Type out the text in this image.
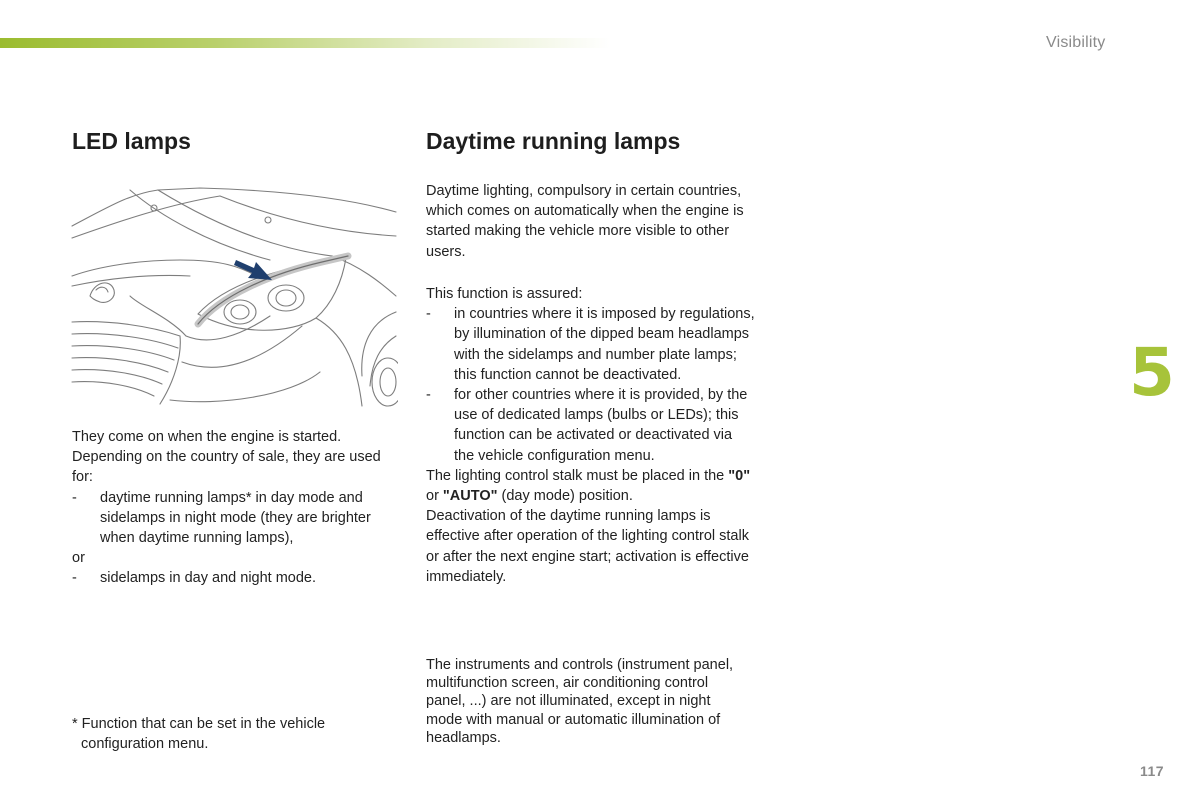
Visibility
5
117
LED lamps

They come on when the engine is started.

Depending on the country of sale, they are used for:

-	daytime running lamps* in day mode and sidelamps in night mode (they are brighter when daytime running lamps),

or

-	sidelamps in day and night mode.
* Function that can be set in the vehicle
configuration menu.
Daytime running lamps

Daytime lighting, compulsory in certain countries, which comes on automatically when the engine is started making the vehicle more visible to other users.

This function is assured:

-	in countries where it is imposed by regulations,
by illumination of the dipped beam headlamps with the sidelamps and number plate lamps; this function cannot be deactivated.
-	for other countries where it is provided, by the use of dedicated lamps (bulbs or LEDs); this function can be activated or deactivated via the vehicle configuration menu.

The lighting control stalk must be placed in the "0" or "AUTO" (day mode) position.

Deactivation of the daytime running lamps is effective after operation of the lighting control stalk or after the next engine start; activation is effective immediately.

The instruments and controls (instrument panel, multifunction screen, air conditioning control panel, ...) are not illuminated, except in night mode with manual or automatic illumination of headlamps.
